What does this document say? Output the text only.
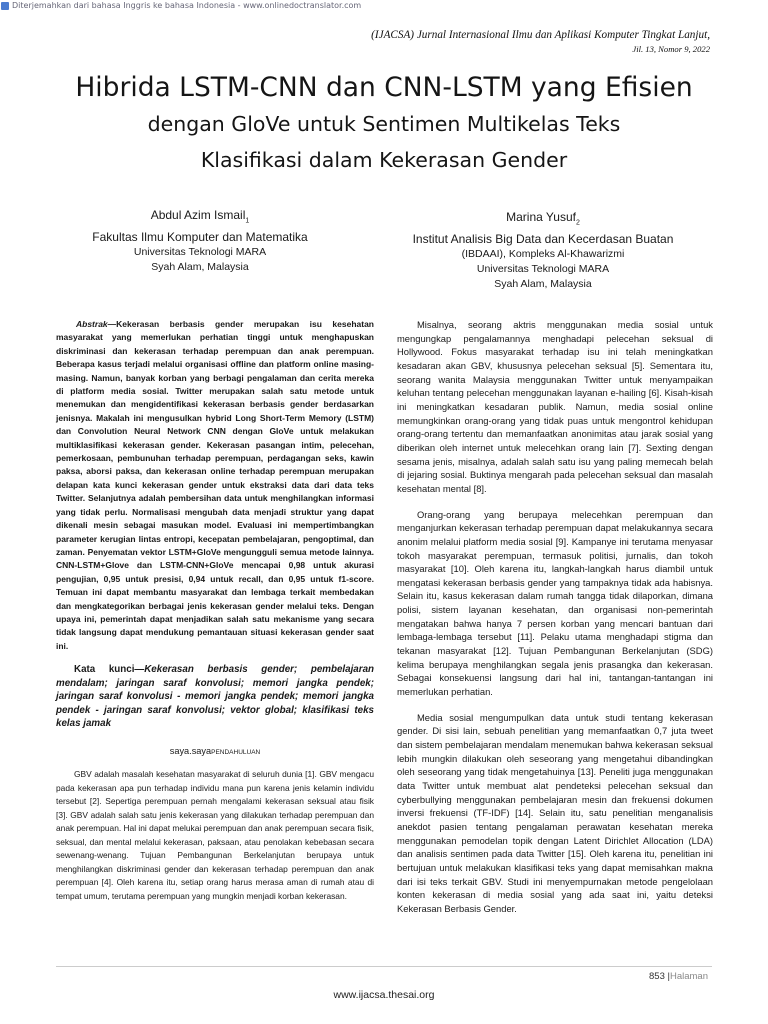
Diterjemahkan dari bahasa Inggris ke bahasa Indonesia - www.onlinedoctranslator.com
(IJACSA) Jurnal Internasional Ilmu dan Aplikasi Komputer Tingkat Lanjut,
Jil. 13, Nomor 9, 2022
Hibrida LSTM-CNN dan CNN-LSTM yang Efisien
dengan GloVe untuk Sentimen Multikelas Teks
Klasifikasi dalam Kekerasan Gender
Abdul Azim Ismail$_1$
Fakultas Ilmu Komputer dan Matematika
Universitas Teknologi MARA
Syah Alam, Malaysia
Marina Yusuf$_2$
Institut Analisis Big Data dan Kecerdasan Buatan
(IBDAAI), Kompleks Al-Khawarizmi
Universitas Teknologi MARA
Syah Alam, Malaysia
Abstrak—Kekerasan berbasis gender merupakan isu kesehatan masyarakat yang memerlukan perhatian tinggi untuk menghapuskan diskriminasi dan kekerasan terhadap perempuan dan anak perempuan. Beberapa kasus terjadi melalui organisasi offline dan platform online masing-masing. Namun, banyak korban yang berbagi pengalaman dan cerita mereka di platform media sosial. Twitter merupakan salah satu metode untuk menemukan dan mengidentifikasi kekerasan berbasis gender berdasarkan jenisnya. Makalah ini mengusulkan hybrid Long Short-Term Memory (LSTM) dan Convolution Neural Network CNN dengan GloVe untuk melakukan multiklasifikasi kekerasan gender. Kekerasan pasangan intim, pelecehan, pemerkosaan, pembunuhan terhadap perempuan, perdagangan seks, kawin paksa, aborsi paksa, dan kekerasan online terhadap perempuan merupakan delapan kata kunci kekerasan gender untuk ekstraksi data dari data teks Twitter. Selanjutnya adalah pembersihan data untuk menghilangkan informasi yang tidak perlu. Normalisasi mengubah data menjadi struktur yang dapat dikenali mesin sebagai masukan model. Evaluasi ini mempertimbangkan parameter kerugian lintas entropi, kecepatan pembelajaran, pengoptimal, dan zaman. Penyematan vektor LSTM+GloVe mengungguli semua metode lainnya. CNN-LSTM+Glove dan LSTM-CNN+GloVe mencapai 0,98 untuk akurasi pengujian, 0,95 untuk presisi, 0,94 untuk recall, dan 0,95 untuk f1-score. Temuan ini dapat membantu masyarakat dan lembaga terkait membedakan dan mengkategorikan berbagai jenis kekerasan gender melalui teks. Dengan upaya ini, pemerintah dapat menjadikan salah satu mekanisme yang secara tidak langsung dapat mendukung pemantauan situasi kekerasan gender saat ini.
Kata kunci—Kekerasan berbasis gender; pembelajaran mendalam; jaringan saraf konvolusi; memori jangka pendek; jaringan saraf konvolusi - memori jangka pendek; memori jangka pendek - jaringan saraf konvolusi; vektor global; klasifikasi teks kelas jamak
saya.sayaPENDAHULUAN
GBV adalah masalah kesehatan masyarakat di seluruh dunia [1]. GBV mengacu pada kekerasan apa pun terhadap individu mana pun karena jenis kelamin individu tersebut [2]. Sepertiga perempuan pernah mengalami kekerasan seksual atau fisik [3]. GBV adalah salah satu jenis kekerasan yang dilakukan terhadap perempuan dan anak perempuan. Hal ini dapat melukai perempuan dan anak perempuan secara fisik, seksual, dan mental melalui kekerasan, paksaan, atau penolakan kebebasan secara sewenang-wenang. Tujuan Pembangunan Berkelanjutan berupaya untuk menghilangkan diskriminasi gender dan kekerasan terhadap perempuan dan anak perempuan [4]. Oleh karena itu, setiap orang harus merasa aman di rumah atau di tempat umum, terutama perempuan yang mungkin menjadi korban kekerasan.

Misalnya, seorang aktris menggunakan media sosial untuk mengungkap pengalamannya menghadapi pelecehan seksual di Hollywood. Fokus masyarakat terhadap isu ini telah meningkatkan kesadaran akan GBV, khususnya pelecehan seksual [5]. Sementara itu, seorang wanita Malaysia menggunakan Twitter untuk menyampaikan keluhan tentang pelecehan menggunakan layanan e-hailing [6]. Kisah-kisah ini meningkatkan kesadaran publik. Namun, media sosial online memungkinkan orang-orang yang tidak puas untuk mengontrol kehidupan orang-orang tertentu dan memanfaatkan anonimitas atau jarak sosial yang diberikan oleh internet untuk melecehkan orang lain [7]. Sexting dengan sesama jenis, misalnya, adalah salah satu isu yang paling memecah belah di jejaring sosial. Buktinya mengarah pada pelecehan seksual dan masalah kesehatan mental [8].

Orang-orang yang berupaya melecehkan perempuan dan menganjurkan kekerasan terhadap perempuan dapat melakukannya secara anonim melalui platform media sosial [9]. Kampanye ini terutama menyasar tokoh masyarakat perempuan, termasuk politisi, jurnalis, dan tokoh masyarakat [10]. Oleh karena itu, langkah-langkah harus diambil untuk mengatasi kekerasan berbasis gender yang tampaknya tidak ada habisnya. Selain itu, kasus kekerasan dalam rumah tangga tidak dilaporkan, dimana polisi, sistem layanan kesehatan, dan organisasi non-pemerintah mengatakan bahwa hanya 7 persen korban yang mencari bantuan dari lembaga-lembaga tersebut [11]. Pelaku utama menghadapi stigma dan tekanan masyarakat [12]. Tujuan Pembangunan Berkelanjutan (SDG) kelima berupaya menghilangkan segala jenis prasangka dan kekerasan. Sebagai konsekuensi langsung dari hal ini, tantangan-tantangan ini memerlukan perhatian.

Media sosial mengumpulkan data untuk studi tentang kekerasan gender. Di sisi lain, sebuah penelitian yang memanfaatkan 0,7 juta tweet dan sistem pembelajaran mendalam menemukan bahwa kekerasan seksual lebih mungkin dilakukan oleh seseorang yang mengetahui dibandingkan oleh seseorang yang tidak mengetahuinya [13]. Peneliti juga menggunakan data Twitter untuk membuat alat pendeteksi pelecehan seksual dan cyberbullying menggunakan pembelajaran mesin dan frekuensi dokumen inversi frekuensi (TF-IDF) [14]. Selain itu, satu penelitian menganalisis anekdot pasien tentang pengalaman perawatan kesehatan mereka menggunakan pemodelan topik dengan Latent Dirichlet Allocation (LDA) dan analisis sentimen pada data Twitter [15]. Oleh karena itu, penelitian ini bertujuan untuk melakukan klasifikasi teks yang dapat memisahkan makna dari isi teks terkait GBV. Studi ini menyempurnakan metode pengelolaan konten kekerasan di media sosial yang ada saat ini, yaitu deteksi Kekerasan Berbasis Gender.

853 |Halaman
www.ijacsa.thesai.org
